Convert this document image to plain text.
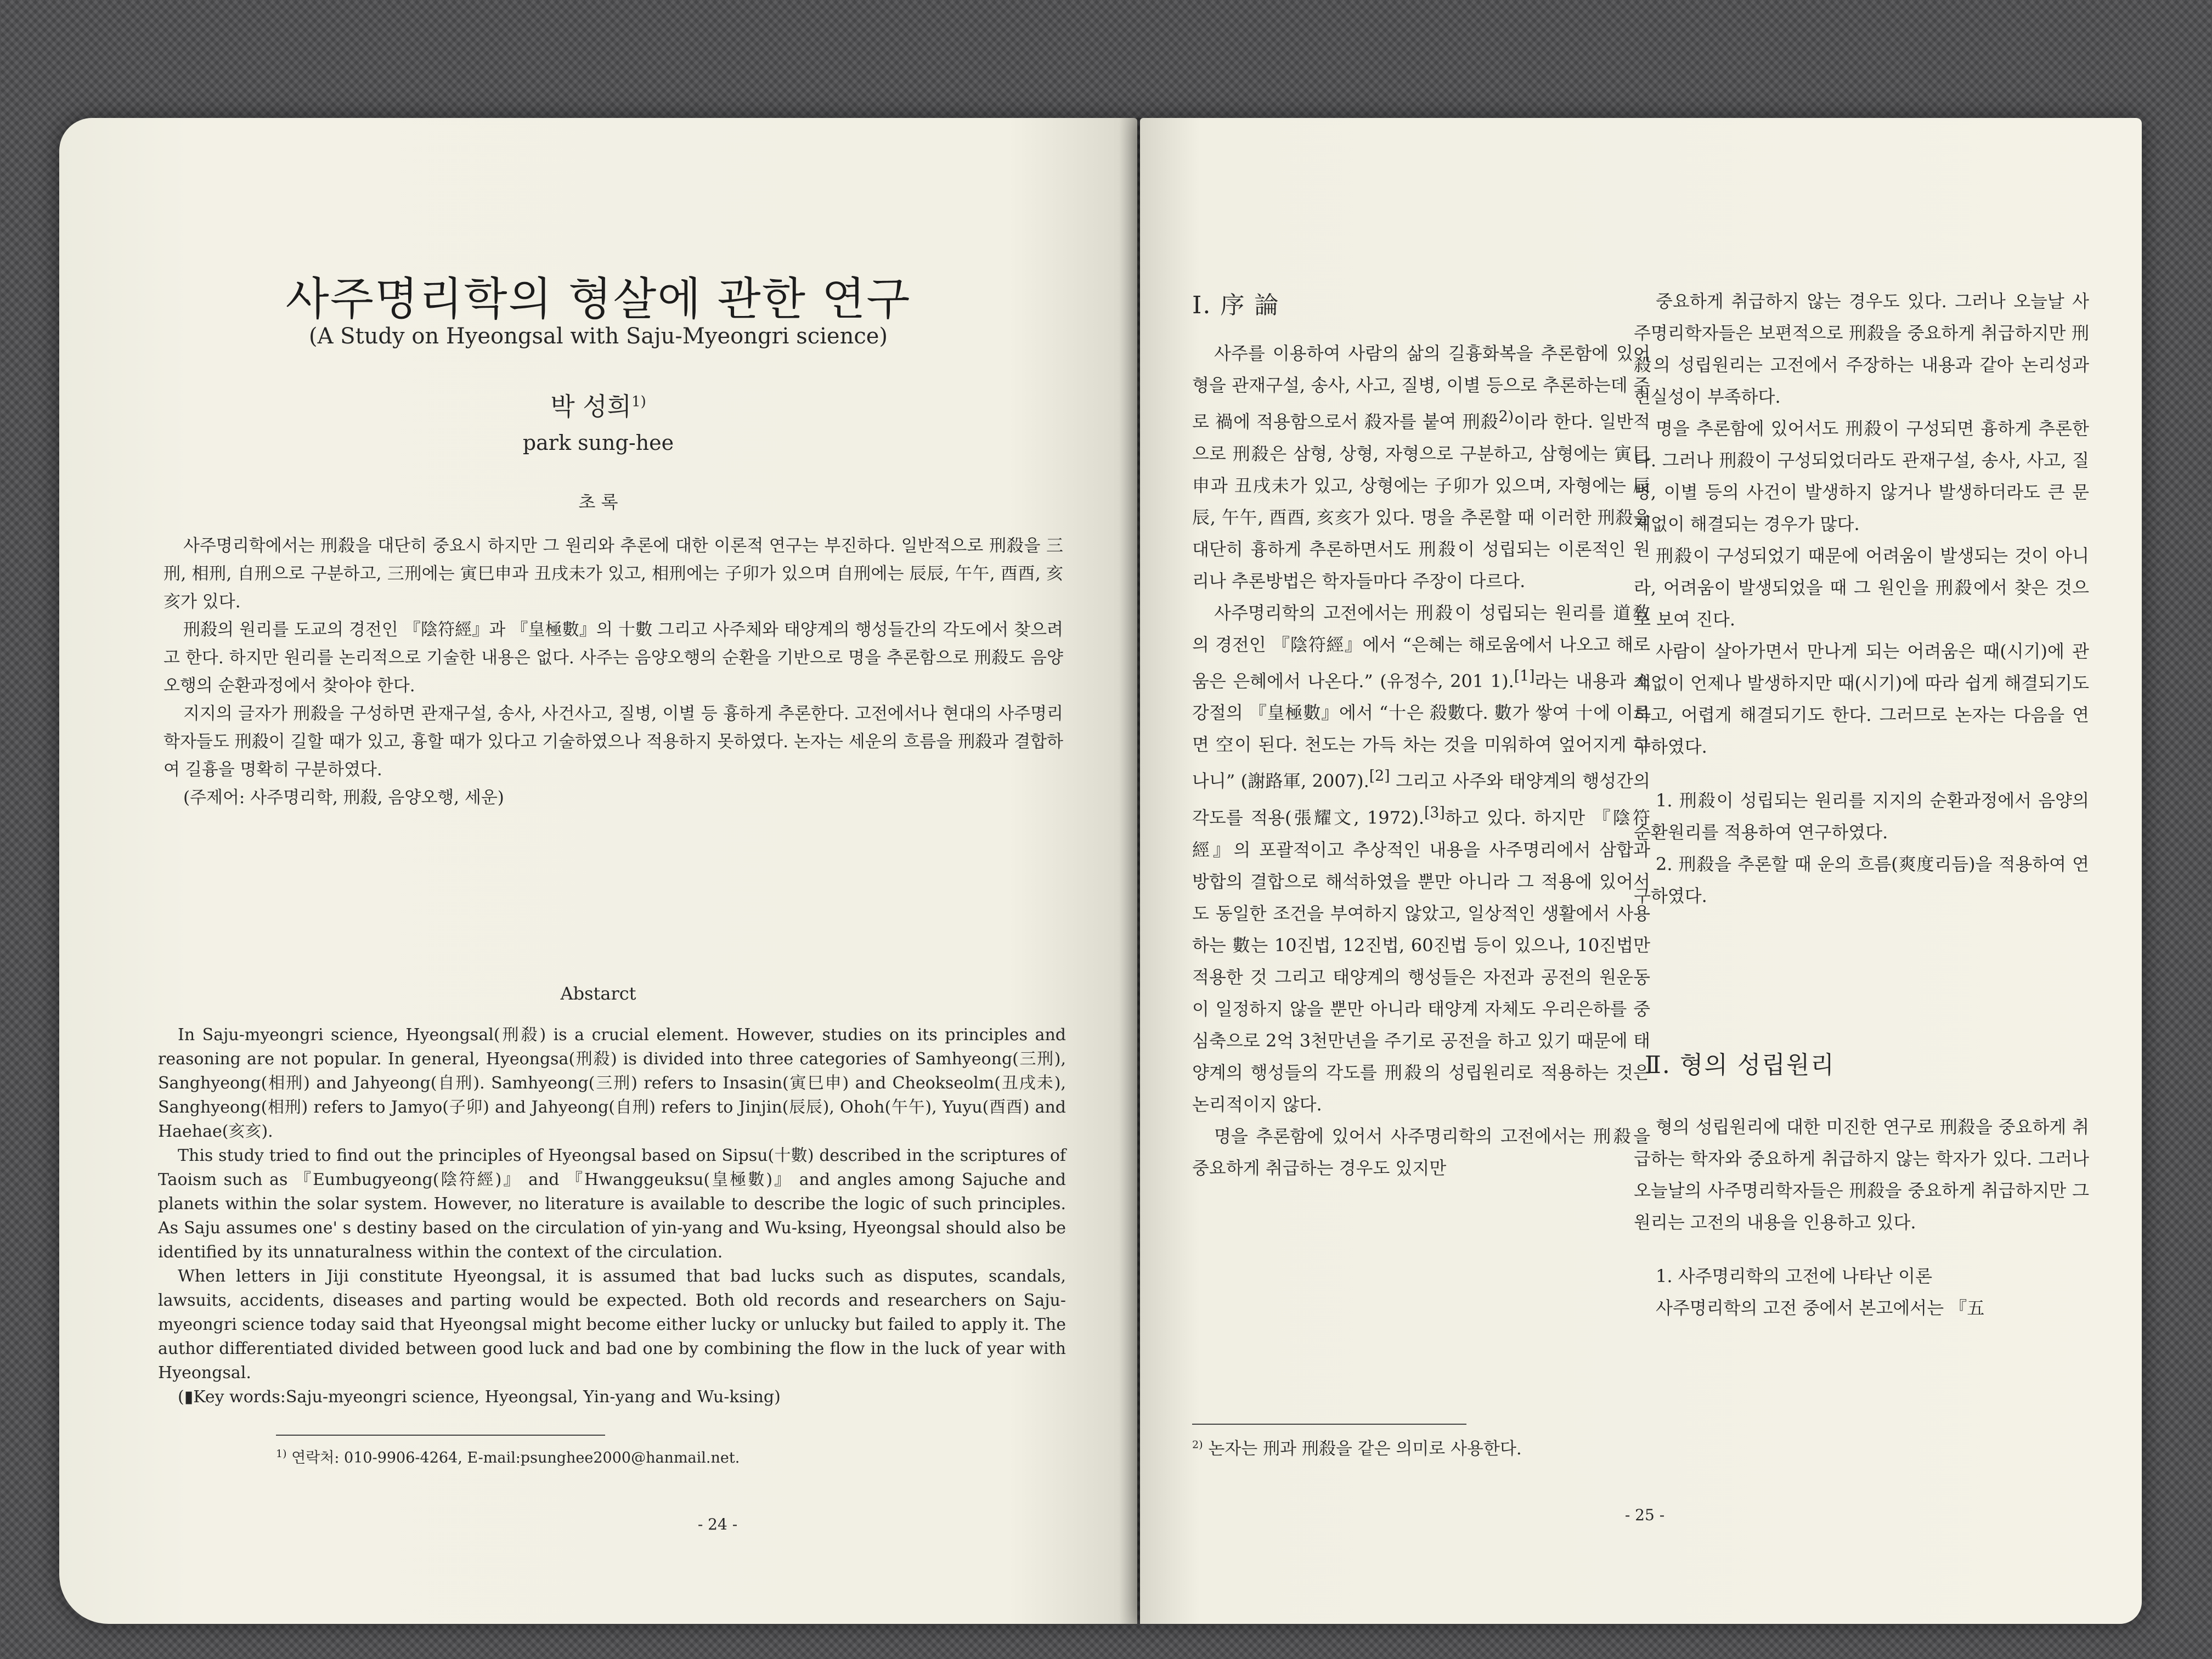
사주명리학의 형살에 관한 연구
(A Study on Hyeongsal with Saju-Myeongri science)
박 성희$^{1)}$
park sung-hee
초 록

사주명리학에서는 刑殺을 대단히 중요시 하지만 그 원리와 추론에 대한 이론적 연구는 부진하다. 일반적으로 刑殺을 三刑, 相刑, 自刑으로 구분하고, 三刑에는 寅巳申과 丑戌未가 있고, 相刑에는 子卯가 있으며 自刑에는 辰辰, 午午, 酉酉, 亥亥가 있다.

刑殺의 원리를 도교의 경전인 『陰符經』과 『皇極數』의 十數 그리고 사주체와 태양계의 행성들간의 각도에서 찾으려고 한다. 하지만 원리를 논리적으로 기술한 내용은 없다. 사주는 음양오행의 순환을 기반으로 명을 추론함으로 刑殺도 음양오행의 순환과정에서 찾아야 한다.

지지의 글자가 刑殺을 구성하면 관재구설, 송사, 사건사고, 질병, 이별 등 흉하게 추론한다. 고전에서나 현대의 사주명리학자들도 刑殺이 길할 때가 있고, 흉할 때가 있다고 기술하였으나 적용하지 못하였다. 논자는 세운의 흐름을 刑殺과 결합하여 길흉을 명확히 구분하였다.

(주제어: 사주명리학, 刑殺, 음양오행, 세운)

Abstarct

In Saju-myeongri science, Hyeongsal(刑殺) is a crucial element. However, studies on its principles and reasoning are not popular. In general, Hyeongsa(刑殺) is divided into three categories of Samhyeong(三刑), Sanghyeong(相刑) and Jahyeong(自刑). Samhyeong(三刑) refers to Insasin(寅巳申) and Cheokseolm(丑戌未), Sanghyeong(相刑) refers to Jamyo(子卯) and Jahyeong(自刑) refers to Jinjin(辰辰), Ohoh(午午), Yuyu(酉酉) and Haehae(亥亥).

This study tried to find out the principles of Hyeongsal based on Sipsu(十數) described in the scriptures of Taoism such as 『Eumbugyeong(陰符經)』 and 『Hwanggeuksu(皇極數)』 and angles among Sajuche and planets within the solar system. However, no literature is available to describe the logic of such principles. As Saju assumes one' s destiny based on the circulation of yin-yang and Wu-ksing, Hyeongsal should also be identified by its unnaturalness within the context of the circulation.

When letters in Jiji constitute Hyeongsal, it is assumed that bad lucks such as disputes, scandals, lawsuits, accidents, diseases and parting would be expected. Both old records and researchers on Saju-myeongri science today said that Hyeongsal might become either lucky or unlucky but failed to apply it. The author differentiated divided between good luck and bad one by combining the flow in the luck of year with Hyeongsal.

(▮Key words:Saju-myeongri science, Hyeongsal, Yin-yang and Wu-ksing)

$^{1)}$ 연락처: 010-9906-4264, E-mail:psunghee2000@hanmail.net.
- 24 -
Ⅰ. 序 論

사주를 이용하여 사람의 삶의 길흉화복을 추론함에 있어 형을 관재구설, 송사, 사고, 질병, 이별 등으로 추론하는데 주로 禍에 적용함으로서 殺자를 붙여 刑殺$^{2)}$이라 한다. 일반적으로 刑殺은 삼형, 상형, 자형으로 구분하고, 삼형에는 寅巳申과 丑戌未가 있고, 상형에는 子卯가 있으며, 자형에는 辰辰, 午午, 酉酉, 亥亥가 있다. 명을 추론할 때 이러한 刑殺을 대단히 흉하게 추론하면서도 刑殺이 성립되는 이론적인 원리나 추론방법은 학자들마다 주장이 다르다.

사주명리학의 고전에서는 刑殺이 성립되는 원리를 道敎의 경전인 『陰符經』에서 “은혜는 해로움에서 나오고 해로움은 은혜에서 나온다.” (유정수, 201 1).[1]라는 내용과 소강절의 『皇極數』에서 “十은 殺數다. 數가 쌓여 十에 이르면 空이 된다. 천도는 가득 차는 것을 미워하여 엎어지게 하나니” (謝路軍, 2007).[2] 그리고 사주와 태양계의 행성간의 각도를 적용(張耀文, 1972).[3]하고 있다. 하지만 『陰符經』의 포괄적이고 추상적인 내용을 사주명리에서 삼합과 방합의 결합으로 해석하였을 뿐만 아니라 그 적용에 있어서도 동일한 조건을 부여하지 않았고, 일상적인 생활에서 사용하는 數는 10진법, 12진법, 60진법 등이 있으나, 10진법만 적용한 것 그리고 태양계의 행성들은 자전과 공전의 원운동이 일정하지 않을 뿐만 아니라 태양계 자체도 우리은하를 중심축으로 2억 3천만년을 주기로 공전을 하고 있기 때문에 태양계의 행성들의 각도를 刑殺의 성립원리로 적용하는 것은 논리적이지 않다.

명을 추론함에 있어서 사주명리학의 고전에서는 刑殺을 중요하게 취급하는 경우도 있지만

$^{2)}$ 논자는 刑과 刑殺을 같은 의미로 사용한다.

중요하게 취급하지 않는 경우도 있다. 그러나 오늘날 사주명리학자들은 보편적으로 刑殺을 중요하게 취급하지만 刑殺의 성립원리는 고전에서 주장하는 내용과 같아 논리성과 현실성이 부족하다.

명을 추론함에 있어서도 刑殺이 구성되면 흉하게 추론한다. 그러나 刑殺이 구성되었더라도 관재구설, 송사, 사고, 질병, 이별 등의 사건이 발생하지 않거나 발생하더라도 큰 문제없이 해결되는 경우가 많다.

刑殺이 구성되었기 때문에 어려움이 발생되는 것이 아니라, 어려움이 발생되었을 때 그 원인을 刑殺에서 찾은 것으로 보여 진다.

사람이 살아가면서 만나게 되는 어려움은 때(시기)에 관계없이 언제나 발생하지만 때(시기)에 따라 쉽게 해결되기도 하고, 어렵게 해결되기도 한다. 그러므로 논자는 다음을 연구하였다.

1. 刑殺이 성립되는 원리를 지지의 순환과정에서 음양의 순환원리를 적용하여 연구하였다.

2. 刑殺을 추론할 때 운의 흐름(爽度리듬)을 적용하여 연구하였다.

Ⅱ. 형의 성립원리

형의 성립원리에 대한 미진한 연구로 刑殺을 중요하게 취급하는 학자와 중요하게 취급하지 않는 학자가 있다. 그러나 오늘날의 사주명리학자들은 刑殺을 중요하게 취급하지만 그 원리는 고전의 내용을 인용하고 있다.

1. 사주명리학의 고전에 나타난 이론

사주명리학의 고전 중에서 본고에서는 『五

- 25 -
